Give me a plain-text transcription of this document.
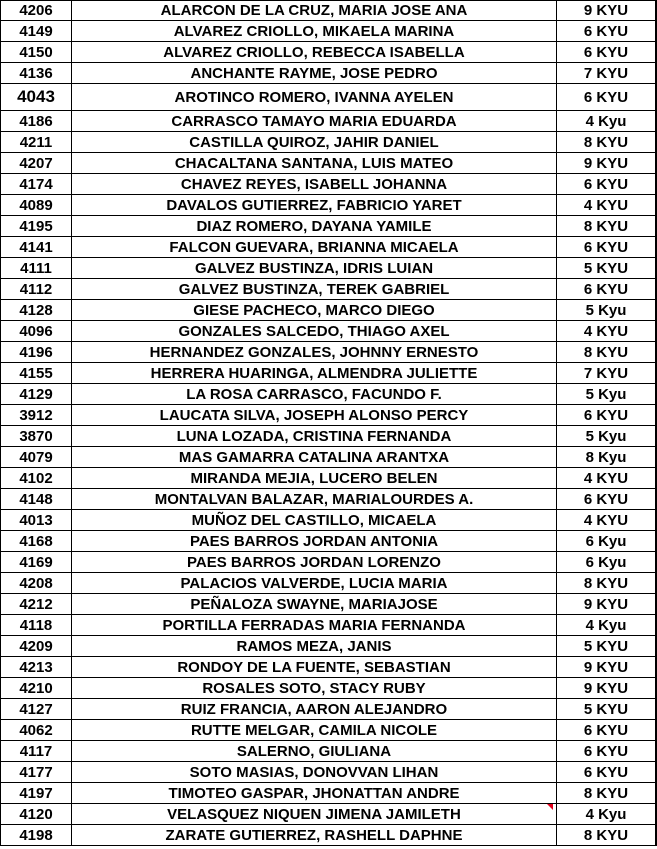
4206	ALARCON DE LA CRUZ, MARIA JOSE ANA	9 KYU
4149	ALVAREZ CRIOLLO, MIKAELA MARINA	6 KYU
4150	ALVAREZ CRIOLLO, REBECCA ISABELLA	6 KYU
4136	ANCHANTE RAYME, JOSE PEDRO	7 KYU
4043	AROTINCO ROMERO, IVANNA AYELEN	6 KYU
4186	CARRASCO TAMAYO MARIA EDUARDA	4 Kyu
4211	CASTILLA QUIROZ, JAHIR DANIEL	8 KYU
4207	CHACALTANA SANTANA, LUIS MATEO	9 KYU
4174	CHAVEZ REYES, ISABELL JOHANNA	6 KYU
4089	DAVALOS GUTIERREZ, FABRICIO YARET	4 KYU
4195	DIAZ ROMERO, DAYANA YAMILE	8 KYU
4141	FALCON GUEVARA, BRIANNA MICAELA	6 KYU
4111	GALVEZ BUSTINZA, IDRIS LUIAN	5 KYU
4112	GALVEZ BUSTINZA, TEREK GABRIEL	6 KYU
4128	GIESE PACHECO, MARCO DIEGO	5 Kyu
4096	GONZALES SALCEDO, THIAGO AXEL	4 KYU
4196	HERNANDEZ GONZALES, JOHNNY ERNESTO	8 KYU
4155	HERRERA HUARINGA, ALMENDRA JULIETTE	7 KYU
4129	LA ROSA CARRASCO, FACUNDO F.	5 Kyu
3912	LAUCATA SILVA, JOSEPH ALONSO PERCY	6 KYU
3870	LUNA LOZADA, CRISTINA FERNANDA	5 Kyu
4079	MAS GAMARRA CATALINA ARANTXA	8 Kyu
4102	MIRANDA MEJIA, LUCERO BELEN	4 KYU
4148	MONTALVAN BALAZAR, MARIALOURDES A.	6 KYU
4013	MUÑOZ DEL CASTILLO, MICAELA	4 KYU
4168	PAES BARROS JORDAN ANTONIA	6 Kyu
4169	PAES BARROS JORDAN LORENZO	6 Kyu
4208	PALACIOS VALVERDE, LUCIA MARIA	8 KYU
4212	PEÑALOZA SWAYNE, MARIAJOSE	9 KYU
4118	PORTILLA FERRADAS MARIA FERNANDA	4 Kyu
4209	RAMOS MEZA, JANIS	5 KYU
4213	RONDOY DE LA FUENTE, SEBASTIAN	9 KYU
4210	ROSALES SOTO, STACY RUBY	9 KYU
4127	RUIZ FRANCIA, AARON ALEJANDRO	5 KYU
4062	RUTTE MELGAR, CAMILA NICOLE	6 KYU
4117	SALERNO, GIULIANA	6 KYU
4177	SOTO MASIAS, DONOVVAN LIHAN	6 KYU
4197	TIMOTEO GASPAR, JHONATTAN ANDRE	8 KYU
4120	VELASQUEZ NIQUEN JIMENA JAMILETH	4 Kyu
4198	ZARATE GUTIERREZ, RASHELL DAPHNE	8 KYU
